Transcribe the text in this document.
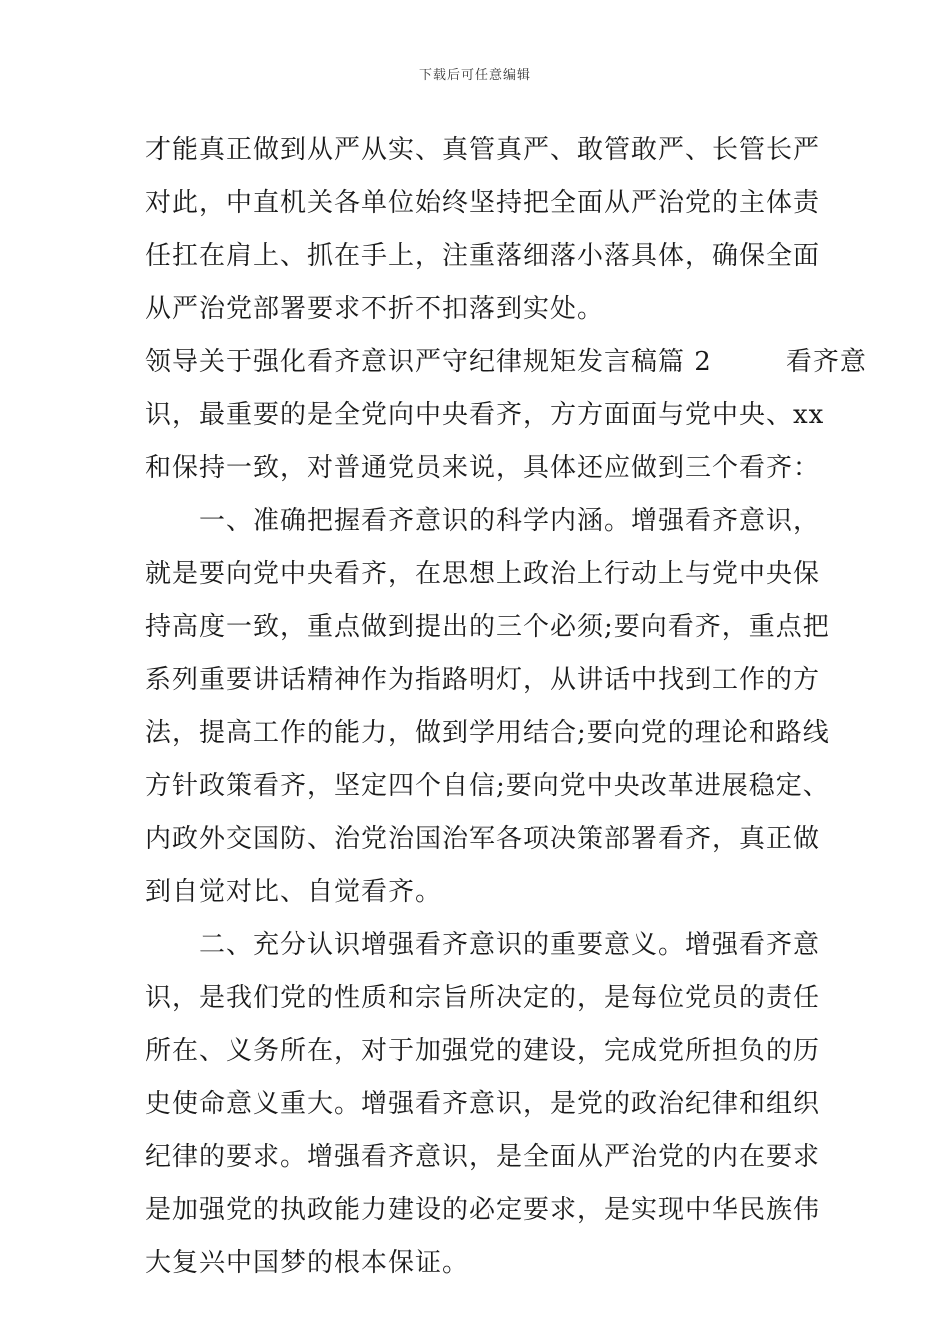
下载后可任意编辑
才能真正做到从严从实、真管真严、敢管敢严、长管长严
对此，中直机关各单位始终坚持把全面从严治党的主体责
任扛在肩上、抓在手上，注重落细落小落具体，确保全面
从严治党部署要求不折不扣落到实处。
领导关于强化看齐意识严守纪律规矩发言稿篇 2        看齐意
识，最重要的是全党向中央看齐，方方面面与党中央、xx
和保持一致，对普通党员来说，具体还应做到三个看齐：
一、准确把握看齐意识的科学内涵。增强看齐意识，
就是要向党中央看齐，在思想上政治上行动上与党中央保
持高度一致，重点做到提出的三个必须;要向看齐，重点把
系列重要讲话精神作为指路明灯，从讲话中找到工作的方
法，提高工作的能力，做到学用结合;要向党的理论和路线
方针政策看齐，坚定四个自信;要向党中央改革进展稳定、
内政外交国防、治党治国治军各项决策部署看齐，真正做
到自觉对比、自觉看齐。
二、充分认识增强看齐意识的重要意义。增强看齐意
识，是我们党的性质和宗旨所决定的，是每位党员的责任
所在、义务所在，对于加强党的建设，完成党所担负的历
史使命意义重大。增强看齐意识，是党的政治纪律和组织
纪律的要求。增强看齐意识，是全面从严治党的内在要求
是加强党的执政能力建设的必定要求，是实现中华民族伟
大复兴中国梦的根本保证。
